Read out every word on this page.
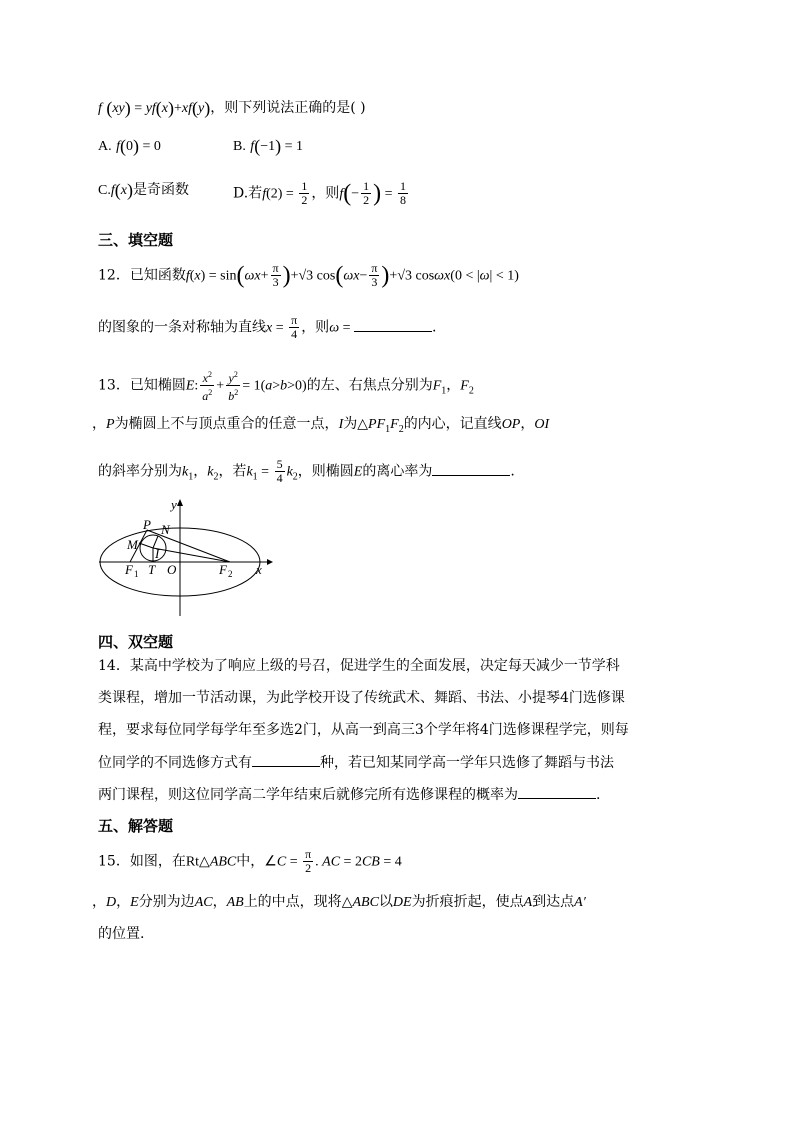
f (xy) = yf(x)+xf(y)，则下列说法正确的是( )
A. f(0) = 0	B. f(−1) = 1
C.f(x)是奇函数	D.若$f(2) = \frac{1}{2}$ ，则$f(- \frac{1}{2}$ ) = $\frac{1}{8}$
三、填空题
12．已知函数$f(x) = \sin(\omega x+ \frac{\pi}{3} )+√3$ $\cos(\omega x- \frac{\pi}{3} )+√3$ cosωx(0 < |ω| < 1)
的图象的一条对称轴为直线$x = \frac{\pi}{4}$ ，则ω =	.
13．已知椭圆E: $\frac{x^2}{a^2} + \frac{y^2}{b^2} = 1(a>b>0)$的左、右焦点分别为$F_1$，$F_2$
，P为椭圆上不与顶点重合的任意一点，I为$\triangle PF_1F_2$的内心，记直线OP，OI
的斜率分别为$k_1$，$k_2$，若$k_1 = \frac{5}{4} k_2$，则椭圆E的离心率为	.
y
P N
M
I
F 1 T O	F 2 x
四、双空题
14．某高中学校为了响应上级的号召，促进学生的全面发展，决定每天减少一节学科
类课程，增加一节活动课，为此学校开设了传统武术、舞蹈、书法、小提琴4门选修课
程，要求每位同学每学年至多选2门，从高一到高三3个学年将4门选修课程学完，则每
位同学的不同选修方式有	种，若已知某同学高一学年只选修了舞蹈与书法
两门课程，则这位同学高二学年结束后就修完所有选修课程的概率为	.
五、解答题
15．如图，在Rt△ABC中，∠C = $\frac{\pi}{2}$ . AC = 2CB = 4
，D，E分别为边AC，AB上的中点，现将△ABC以DE为折痕折起，使点A到达点A′
的位置.
